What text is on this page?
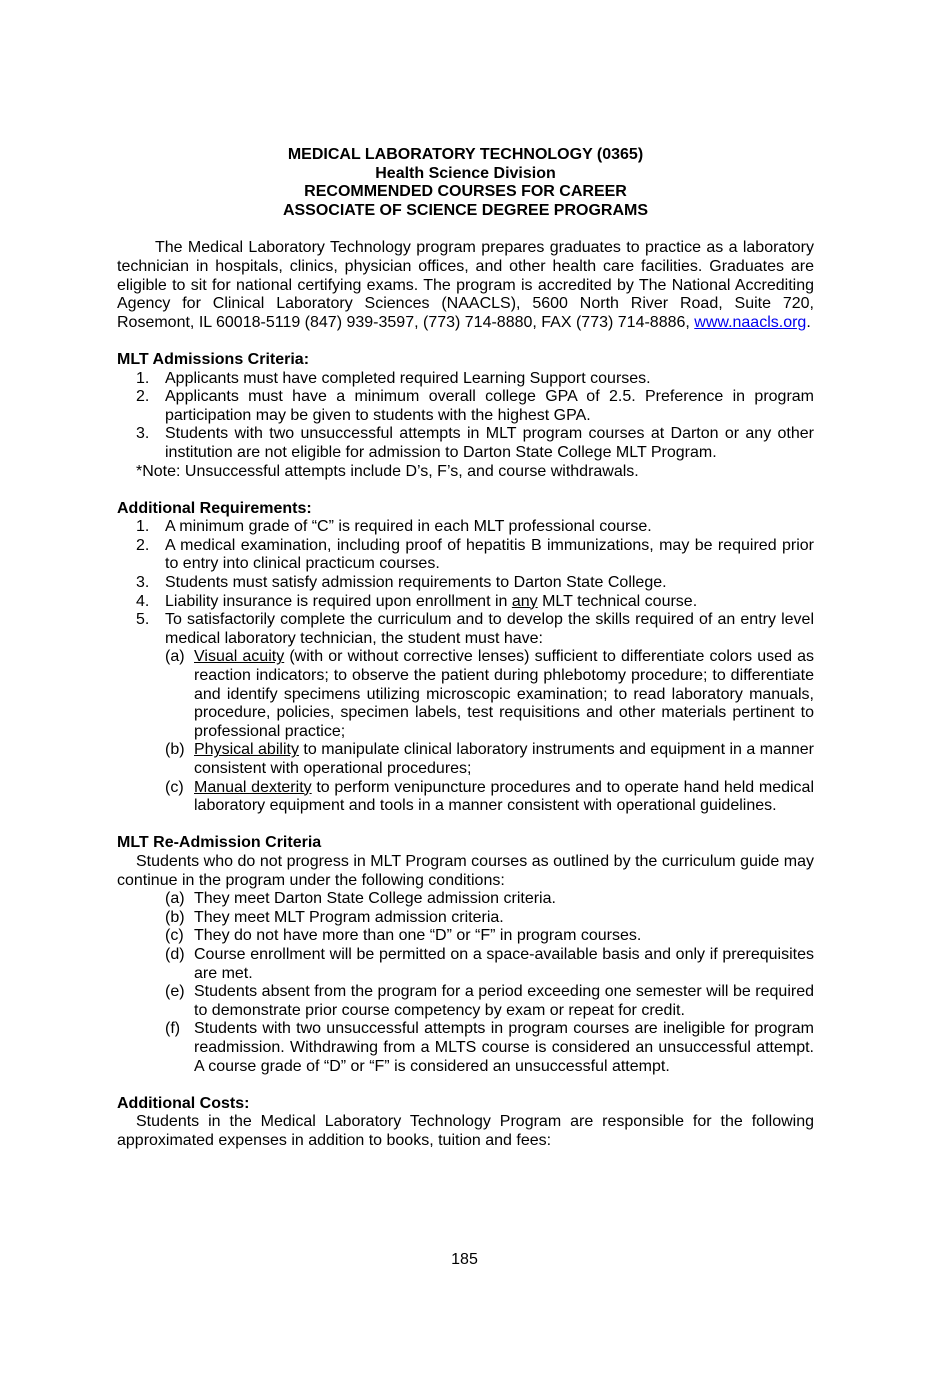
MEDICAL LABORATORY TECHNOLOGY (0365)
Health Science Division
RECOMMENDED COURSES FOR CAREER
ASSOCIATE OF SCIENCE DEGREE PROGRAMS

The Medical Laboratory Technology program prepares graduates to practice as a laboratory technician in hospitals, clinics, physician offices, and other health care facilities. Graduates are eligible to sit for national certifying exams. The program is accredited by The National Accrediting Agency for Clinical Laboratory Sciences (NAACLS), 5600 North River Road, Suite 720, Rosemont, IL 60018-5119 (847) 939-3597, (773) 714-8880, FAX (773) 714-8886, www.naacls.org.

MLT Admissions Criteria:

1. Applicants must have completed required Learning Support courses.
2. Applicants must have a minimum overall college GPA of 2.5. Preference in program participation may be given to students with the highest GPA.
3. Students with two unsuccessful attempts in MLT program courses at Darton or any other institution are not eligible for admission to Darton State College MLT Program.

*Note: Unsuccessful attempts include D’s, F’s, and course withdrawals.

Additional Requirements:

1. A minimum grade of “C” is required in each MLT professional course.
2. A medical examination, including proof of hepatitis B immunizations, may be required prior to entry into clinical practicum courses.
3. Students must satisfy admission requirements to Darton State College.
4. Liability insurance is required upon enrollment in any MLT technical course.
5. To satisfactorily complete the curriculum and to develop the skills required of an entry level medical laboratory technician, the student must have:
(a) Visual acuity (with or without corrective lenses) sufficient to differentiate colors used as reaction indicators; to observe the patient during phlebotomy procedure; to differentiate and identify specimens utilizing microscopic examination; to read laboratory manuals, procedure, policies, specimen labels, test requisitions and other materials pertinent to professional practice;
(b) Physical ability to manipulate clinical laboratory instruments and equipment in a manner consistent with operational procedures;
(c) Manual dexterity to perform venipuncture procedures and to operate hand held medical laboratory equipment and tools in a manner consistent with operational guidelines.

MLT Re-Admission Criteria

Students who do not progress in MLT Program courses as outlined by the curriculum guide may continue in the program under the following conditions:

(a) They meet Darton State College admission criteria.
(b) They meet MLT Program admission criteria.
(c) They do not have more than one “D” or “F” in program courses.
(d) Course enrollment will be permitted on a space-available basis and only if prerequisites are met.
(e) Students absent from the program for a period exceeding one semester will be required to demonstrate prior course competency by exam or repeat for credit.
(f) Students with two unsuccessful attempts in program courses are ineligible for program readmission. Withdrawing from a MLTS course is considered an unsuccessful attempt. A course grade of “D” or “F” is considered an unsuccessful attempt.

Additional Costs:

Students in the Medical Laboratory Technology Program are responsible for the following approximated expenses in addition to books, tuition and fees:

185
